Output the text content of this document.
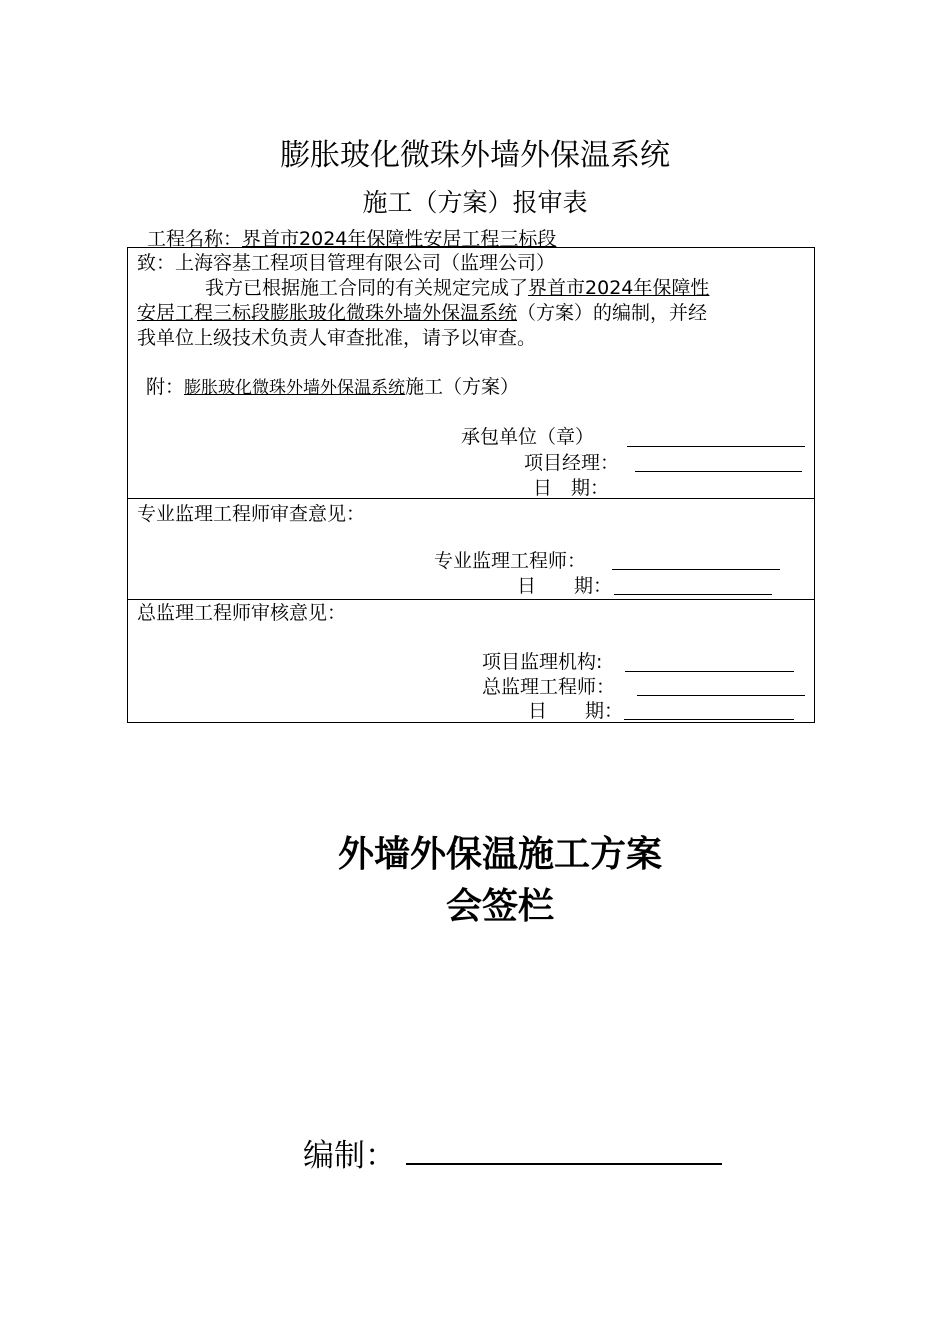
膨胀玻化微珠外墙外保温系统
施工（方案）报审表
工程名称：界首市2024年保障性安居工程三标段
致：上海容基工程项目管理有限公司（监理公司）
我方已根据施工合同的有关规定完成了界首市2024年保障性
安居工程三标段膨胀玻化微珠外墙外保温系统（方案）的编制，并经
我单位上级技术负责人审查批准，请予以审查。
附：膨胀玻化微珠外墙外保温系统施工（方案）
承包单位（章）
项目经理：
日　期：
专业监理工程师审查意见：
专业监理工程师：
日　　期：
总监理工程师审核意见：
项目监理机构:
总监理工程师：
日　　期：
外墙外保温施工方案
会签栏
编制：
